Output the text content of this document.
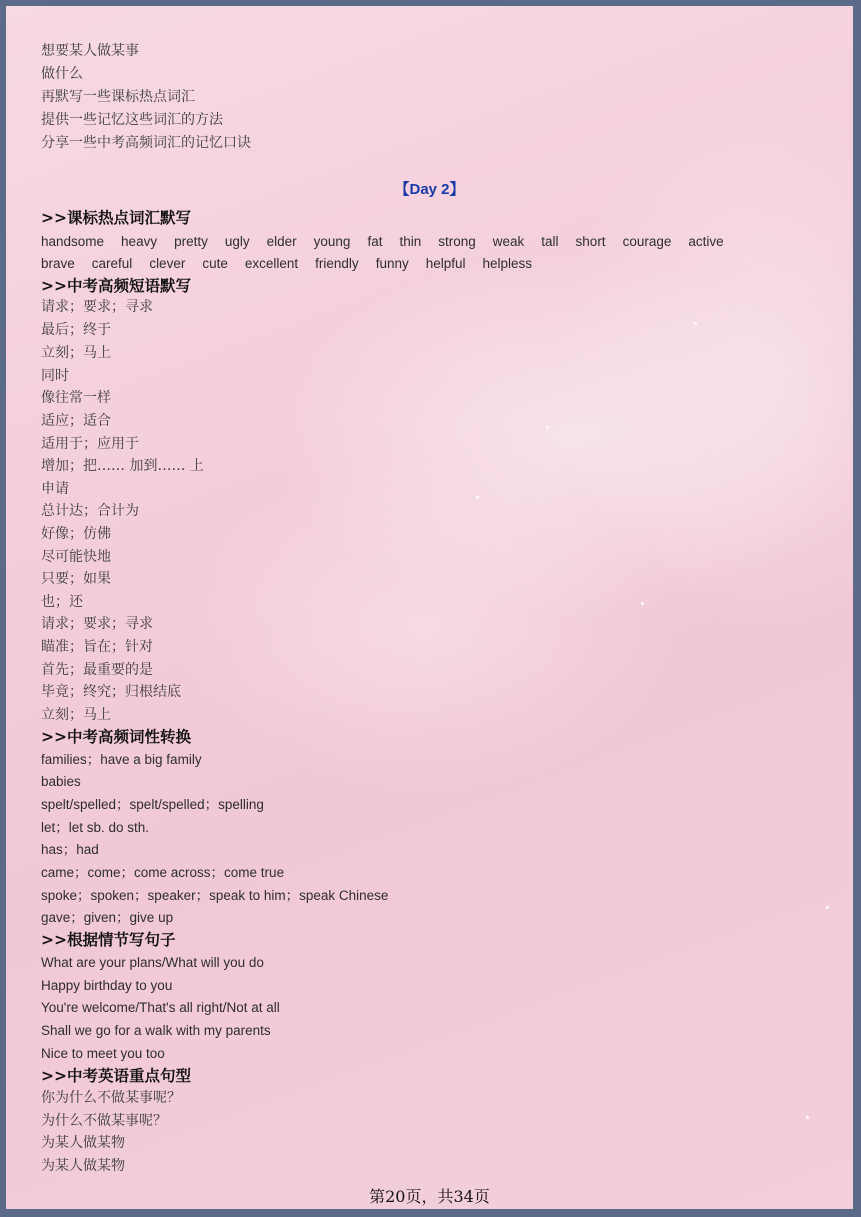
想要某人做某事
做什么
再默写一些课标热点词汇
提供一些记忆这些词汇的方法
分享一些中考高频词汇的记忆口诀
【Day 2】
>>课标热点词汇默写
handsome heavy pretty ugly elder young fat thin strong weak tall short courage active
brave careful clever cute excellent friendly funny helpful helpless
>>中考高频短语默写
请求；要求；寻求
最后；终于
立刻；马上
同时
像往常一样
适应；适合
适用于；应用于
增加；把…… 加到…… 上
申请
总计达；合计为
好像；仿佛
尽可能快地
只要；如果
也；还
请求；要求；寻求
瞄准；旨在；针对
首先；最重要的是
毕竟；终究；归根结底
立刻；马上
>>中考高频词性转换
families；have a big family
babies
spelt/spelled；spelt/spelled；spelling
let；let sb. do sth.
has；had
came；come；come across；come true
spoke；spoken；speaker；speak to him；speak Chinese
gave；given；give up
>>根据情节写句子
What are your plans/What will you do
Happy birthday to you
You're welcome/That's all right/Not at all
Shall we go for a walk with my parents
Nice to meet you too
>>中考英语重点句型
你为什么不做某事呢？
为什么不做某事呢？
为某人做某物
为某人做某物
第20页，共34页
